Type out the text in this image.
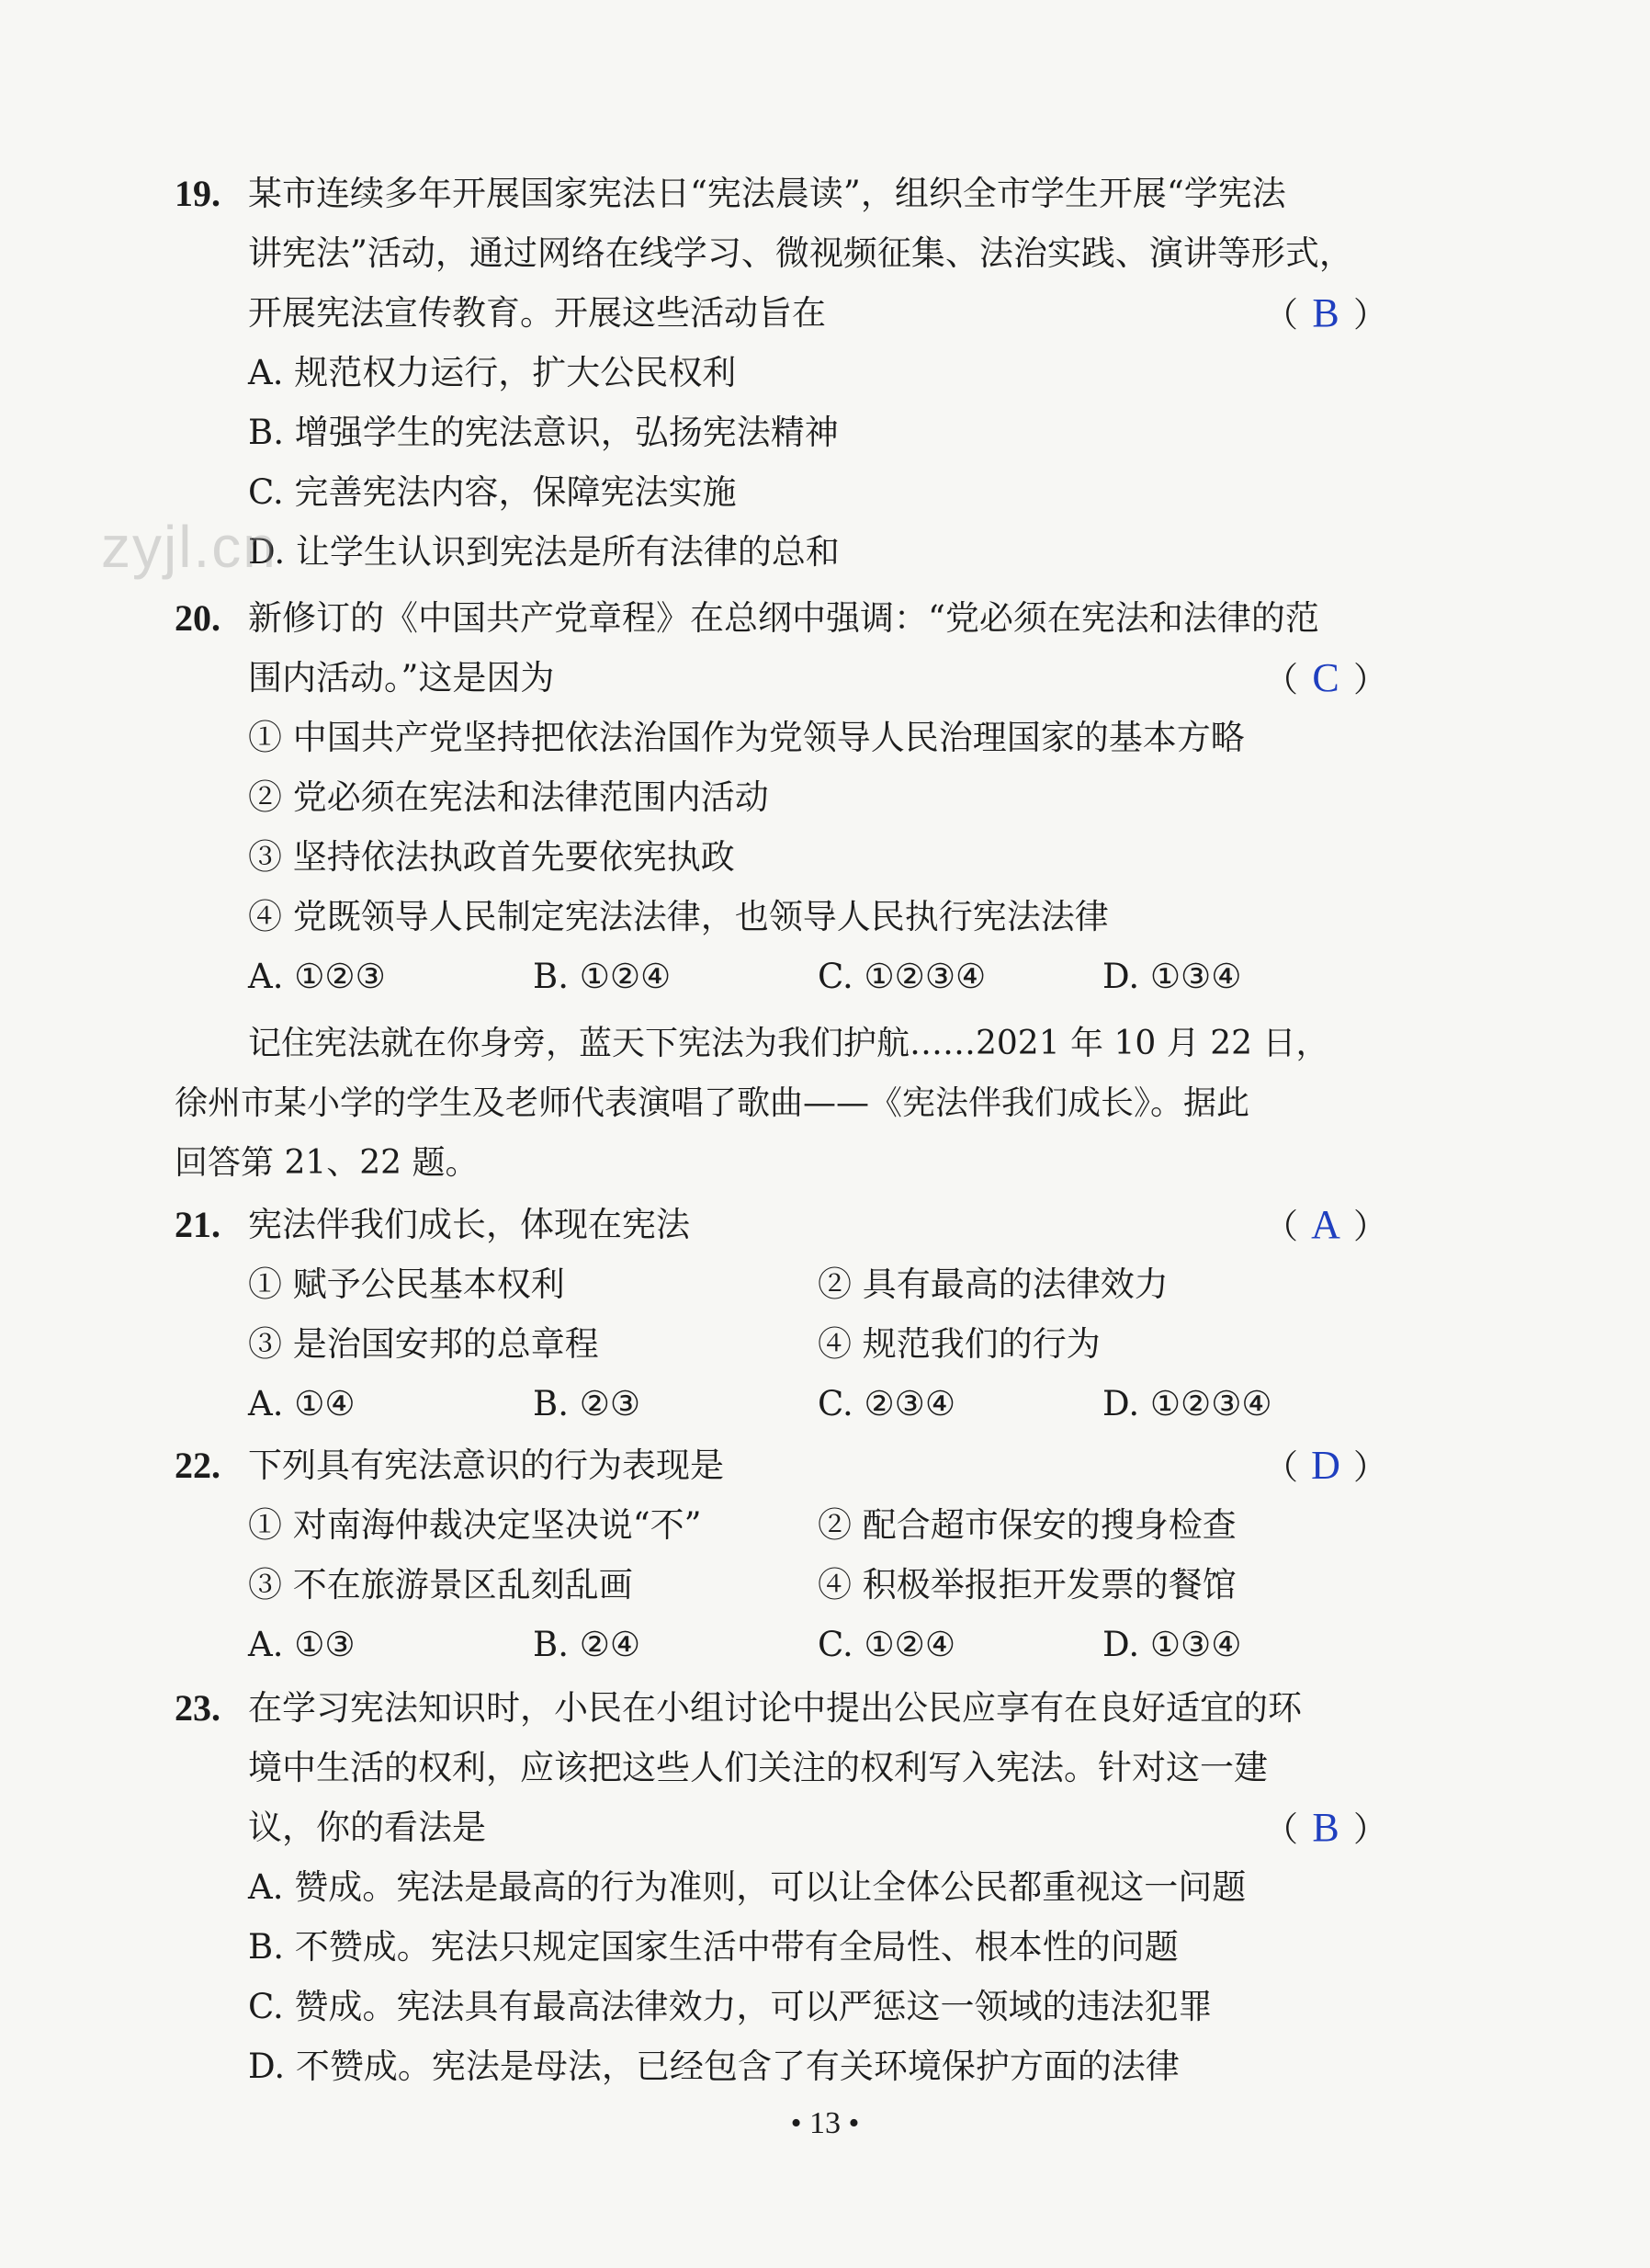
19. 某市连续多年开展国家宪法日“宪法晨读”，组织全市学生开展“学宪法
讲宪法”活动，通过网络在线学习、微视频征集、法治实践、演讲等形式，
开展宪法宣传教育。开展这些活动旨在	（ B ）
A. 规范权力运行，扩大公民权利
B. 增强学生的宪法意识，弘扬宪法精神
C. 完善宪法内容，保障宪法实施
D. 让学生认识到宪法是所有法律的总和
zyjl.cn
20. 新修订的《中国共产党章程》在总纲中强调：“党必须在宪法和法律的范
围内活动。”这是因为	（ C ）
① 中国共产党坚持把依法治国作为党领导人民治理国家的基本方略
② 党必须在宪法和法律范围内活动
③ 坚持依法执政首先要依宪执政
④ 党既领导人民制定宪法法律，也领导人民执行宪法法律
A. ①②③	B. ①②④	C. ①②③④	D. ①③④
记住宪法就在你身旁，蓝天下宪法为我们护航……2021 年 10 月 22 日，
徐州市某小学的学生及老师代表演唱了歌曲——《宪法伴我们成长》。据此
回答第 21、22 题。
21. 宪法伴我们成长，体现在宪法	（ A ）
① 赋予公民基本权利	② 具有最高的法律效力
③ 是治国安邦的总章程	④ 规范我们的行为
A. ①④	B. ②③	C. ②③④	D. ①②③④
22. 下列具有宪法意识的行为表现是	（ D ）
① 对南海仲裁决定坚决说“不”	② 配合超市保安的搜身检查
③ 不在旅游景区乱刻乱画	④ 积极举报拒开发票的餐馆
A. ①③	B. ②④	C. ①②④	D. ①③④
23. 在学习宪法知识时，小民在小组讨论中提出公民应享有在良好适宜的环
境中生活的权利，应该把这些人们关注的权利写入宪法。针对这一建
议，你的看法是	（ B ）
A. 赞成。宪法是最高的行为准则，可以让全体公民都重视这一问题
B. 不赞成。宪法只规定国家生活中带有全局性、根本性的问题
C. 赞成。宪法具有最高法律效力，可以严惩这一领域的违法犯罪
D. 不赞成。宪法是母法，已经包含了有关环境保护方面的法律
• 13 •
